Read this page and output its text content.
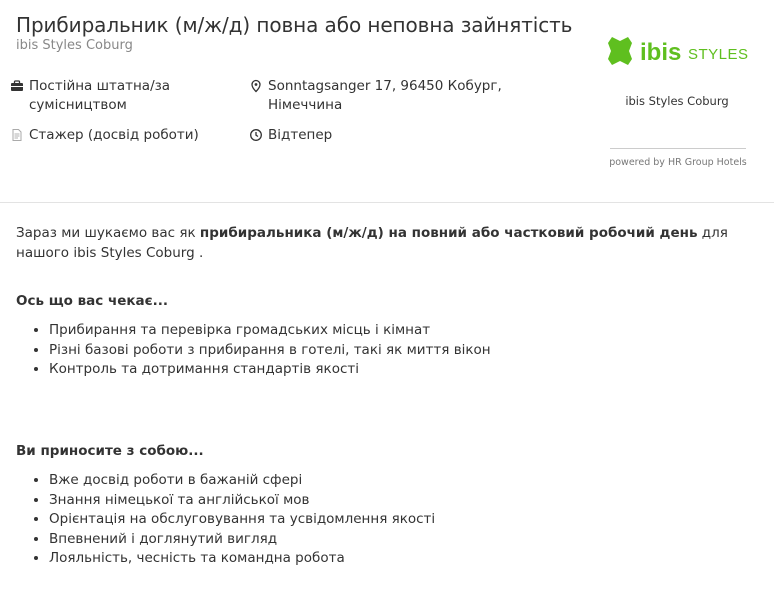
Прибиральник (м/ж/д) повна або неповна зайнятість
ibis Styles Coburg
Постійна штатна/за сумісництвом
Sonntagsanger 17, 96450 Кобург, Німеччина
Стажер (досвід роботи)	Відтепер
ibis STYLES
ibis Styles Coburg
powered by HR Group Hotels
Зараз ми шукаємо вас як прибиральника (м/ж/д) на повний або частковий робочий день для нашого ibis Styles Coburg .
Ось що вас чекає...
• Прибирання та перевірка громадських місць і кімнат
• Різні базові роботи з прибирання в готелі, такі як миття вікон
• Контроль та дотримання стандартів якості
Ви приносите з собою...
• Вже досвід роботи в бажаній сфері
• Знання німецької та англійської мов
• Орієнтація на обслуговування та усвідомлення якості
• Впевнений і доглянутий вигляд
• Лояльність, чесність та командна робота
